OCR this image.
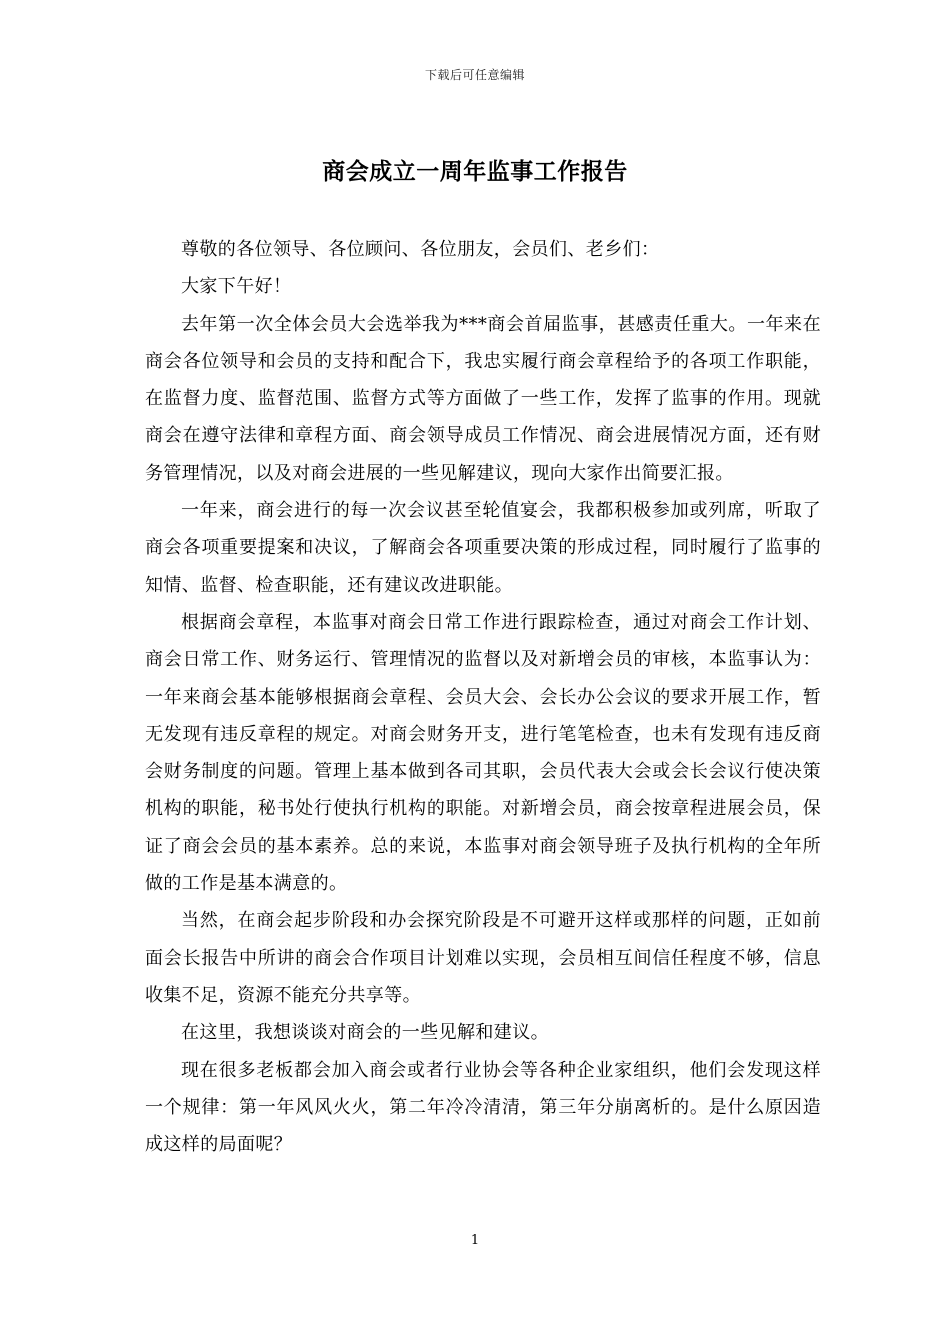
下载后可任意编辑
商会成立一周年监事工作报告

尊敬的各位领导、各位顾问、各位朋友，会员们、老乡们：

大家下午好！

去年第一次全体会员大会选举我为***商会首届监事，甚感责任重大。一年来在商会各位领导和会员的支持和配合下，我忠实履行商会章程给予的各项工作职能，在监督力度、监督范围、监督方式等方面做了一些工作，发挥了监事的作用。现就商会在遵守法律和章程方面、商会领导成员工作情况、商会进展情况方面，还有财务管理情况，以及对商会进展的一些见解建议，现向大家作出简要汇报。

一年来，商会进行的每一次会议甚至轮值宴会，我都积极参加或列席，听取了商会各项重要提案和决议，了解商会各项重要决策的形成过程，同时履行了监事的知情、监督、检查职能，还有建议改进职能。

根据商会章程，本监事对商会日常工作进行跟踪检查，通过对商会工作计划、商会日常工作、财务运行、管理情况的监督以及对新增会员的审核，本监事认为：一年来商会基本能够根据商会章程、会员大会、会长办公会议的要求开展工作，暂无发现有违反章程的规定。对商会财务开支，进行笔笔检查，也未有发现有违反商会财务制度的问题。管理上基本做到各司其职，会员代表大会或会长会议行使决策机构的职能，秘书处行使执行机构的职能。对新增会员，商会按章程进展会员，保证了商会会员的基本素养。总的来说，本监事对商会领导班子及执行机构的全年所做的工作是基本满意的。

当然，在商会起步阶段和办会探究阶段是不可避开这样或那样的问题，正如前面会长报告中所讲的商会合作项目计划难以实现，会员相互间信任程度不够，信息收集不足，资源不能充分共享等。

在这里，我想谈谈对商会的一些见解和建议。

现在很多老板都会加入商会或者行业协会等各种企业家组织，他们会发现这样一个规律：第一年风风火火，第二年冷冷清清，第三年分崩离析的。是什么原因造成这样的局面呢？

1
